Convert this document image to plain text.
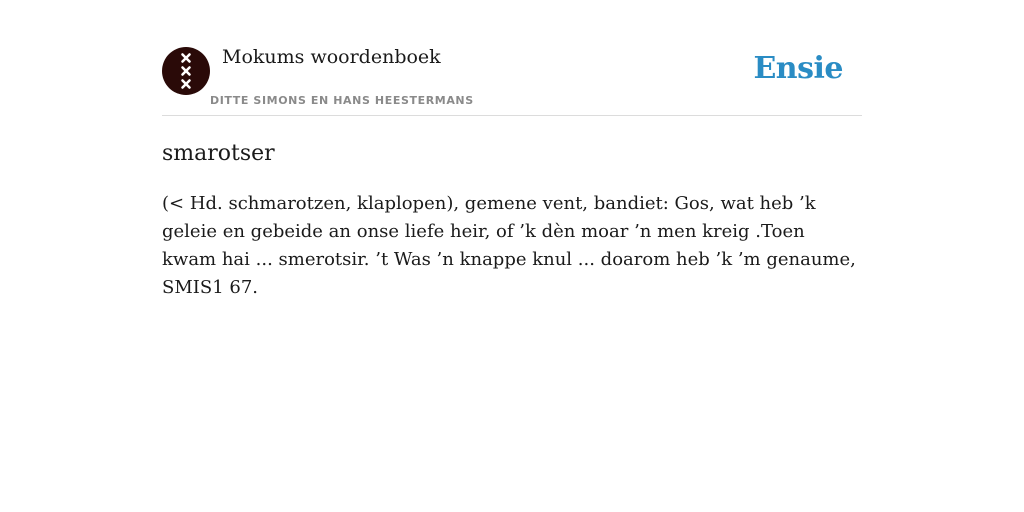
Mokums woordenboek
DITTE SIMONS EN HANS HEESTERMANS
Ensie
smarotser

(< Hd. schmarotzen, klaplopen), gemene vent, bandiet: Gos, wat heb ’k geleie en gebeide an onse liefe heir, of ’k dèn moar ’n men kreig .Toen kwam hai ... smerotsir. ’t Was ’n knappe knul ... doarom heb ’k ’m genaume, SMIS1 67.
